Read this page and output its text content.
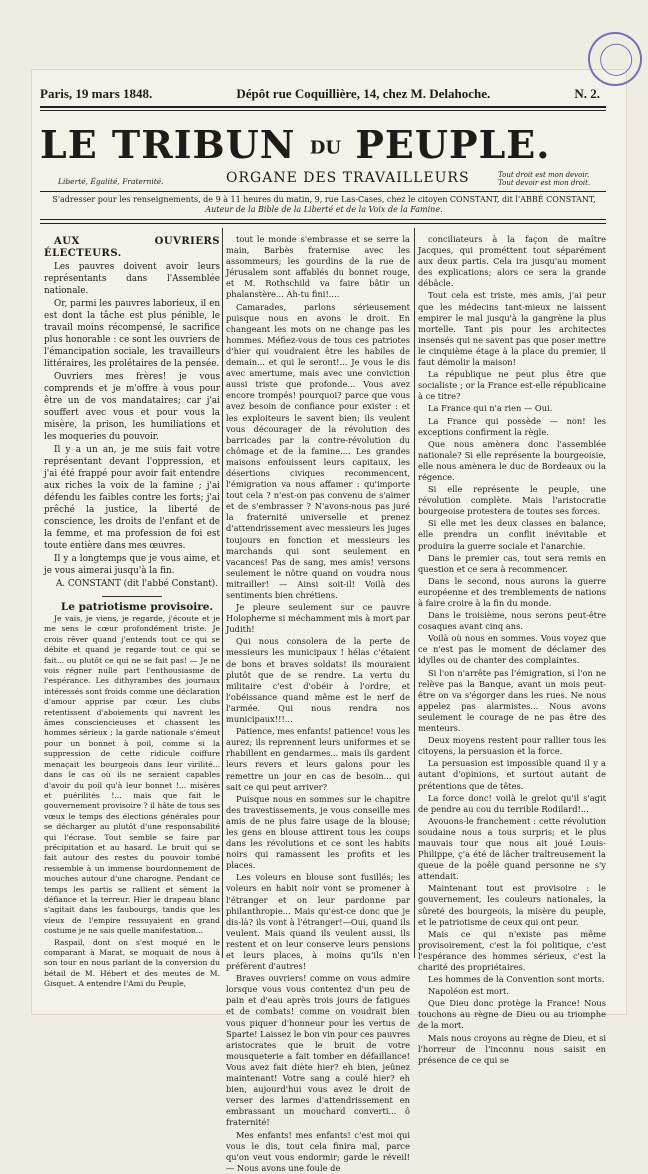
Paris, 19 mars 1848.	Dépôt rue Coquillière, 14, chez M. Delahoche.	N. 2.
LE TRIBUN DU PEUPLE.
Liberté, Égalité, Fraternité.	ORGANE DES TRAVAILLEURS	Tout droit est mon devoir.
Tout devoir est mon droit.
S'adresser pour les renseignements, de 9 à 11 heures du matin, 9, rue Las-Cases, chez le citoyen CONSTANT, dit l'ABBÉ CONSTANT,
Auteur de la Bible de la Liberté et de la Voix de la Famine.

AUX OUVRIERS ÉLECTEURS.

Les pauvres doivent avoir leurs représentants dans l'Assemblée nationale.

Or, parmi les pauvres laborieux, il en est dont la tâche est plus pénible, le travail moins récompensé, le sacrifice plus honorable : ce sont les ouvriers de l'émancipation sociale, les travailleurs littéraires, les prolétaires de la pensée.

Ouvriers mes frères! je vous comprends et je m'offre à vous pour être un de vos mandataires; car j'ai souffert avec vous et pour vous la misère, la prison, les humiliations et les moqueries du pouvoir.

Il y a un an, je me suis fait votre représentant devant l'oppression, et j'ai été frappé pour avoir fait entendre aux riches la voix de la famine ; j'ai défendu les faibles contre les forts; j'ai prêché la justice, la liberté de conscience, les droits de l'enfant et de la femme, et ma profession de foi est toute entière dans mes œuvres.

Il y a longtemps que je vous aime, et je vous aimerai jusqu'à la fin.

A. CONSTANT (dit l'abbé Constant).

Le patriotisme provisoire.

Je vais, je viens, je regarde, j'écoute et je me sens le cœur profondément triste. Je crois rêver quand j'entends tout ce qui se débite et quand je regarde tout ce qui se fait... ou plutôt ce qui ne se fait pas! — Je ne vois régner nulle part l'enthousiasme de l'espérance. Les dithyrambes des journaux intéressés sont froids comme une déclaration d'amour apprise par cœur. Les clubs retentissent d'aboiements qui navrent les âmes consciencieuses et chassent les hommes sérieux ; la garde nationale s'émeut pour un bonnet à poil, comme si la suppression de cette ridicule coiffure menaçait les bourgeois dans leur virilité... dans le cas où ils ne seraient capables d'avoir du poil qu'à leur bonnet !... misères et puérilités !... mais que fait le gouvernement provisoire ? il hâte de tous ses vœux le temps des élections générales pour se décharger au plutôt d'une responsabilité qui l'écrase. Tout semble se faire par précipitation et au hasard. Le bruit qui se fait autour des restes du pouvoir tombé ressemble à un immense bourdonnement de mouches autour d'une charogne. Pendant ce temps les partis se rallient et sèment la défiance et la terreur. Hier le drapeau blanc s'agitait dans les faubourgs, tandis que les vieux de l'empire ressuyaient en grand costume je ne sais quelle manifestation...

Raspail, dont on s'est moqué en le comparant à Marat, se moquait de nous à son tour en nous parlant de la conversion du bétail de M. Hébert et des meutes de M. Gisquet. A entendre l'Ami du Peuple,

tout le monde s'embrasse et se serre la main, Barbès fraternise avec les assommeurs; les gourdins de la rue de Jérusalem sont affablés du bonnet rouge, et M. Rothschild va faire bâtir un phalanstère... Ah-tu fini!....

Camarades, parlons sérieusement puisque nous en avons le droit. En changeant les mots on ne change pas les hommes. Méfiez-vous de tous ces patriotes d'hier qui voudraient être les habiles de demain... et qui le seront!... Je vous le dis avec amertume, mais avec une conviction aussi triste que profonde... Vous avez encore trompés! pourquoi? parce que vous avez besoin de confiance pour exister : et les exploiteurs le savent bien; ils veulent vous décourager de la révolution des barricades par la contre-révolution du chômage et de la famine.... Les grandes maisons enfouissent leurs capitaux, les désertions civiques recommencent, l'émigration va nous affamer : qu'importe tout cela ? n'est-on pas convenu de s'aimer et de s'embrasser ? N'avons-nous pas juré la fraternité universelle et prenez d'attendrissement avec messieurs les juges toujours en fonction et messieurs les marchands qui sont seulement en vacances! Pas de sang, mes amis! versons seulement le nôtre quand on voudra nous mitrailler! — Ainsi soit-il! Voilà des sentiments bien chrétiens.

Je pleure seulement sur ce pauvre Holopherne si méchamment mis à mort par Judith!

Qui nous consolera de la perte de messieurs les municipaux ! hélas c'étaient de bons et braves soldats! ils mouraient plutôt que de se rendre. La vertu du militaire c'est d'obéir à l'ordre, et l'obéissance quand même est le nerf de l'armée. Qui nous rendra nos municipaux!!!...

Patience, mes enfants! patience! vous les aurez; ils reprennent leurs uniformes et se rhabillent en gendarmes... mais ils gardent leurs revers et leurs galons pour les remettre un jour en cas de besoin... qui sait ce qui peut arriver?

Puisque nous en sommes sur le chapitre des travestissements, je vous conseille mes amis de ne plus faire usage de la blouse; les gens en blouse attirent tous les coups dans les révolutions et ce sont les habits noirs qui ramassent les profits et les places.

Les voleurs en blouse sont fusillés; les voleurs en habit noir vont se promener à l'étranger et on leur pardonne par philanthropie... Mais qu'est-ce donc que je dis-là? ils vont à l'étranger!—Oui, quand ils veulent. Mais quand ils veulent aussi, ils restent et on leur conserve leurs pensions et leurs places, à moins qu'ils n'en préfèrent d'autres!

Braves ouvriers! comme on vous admire lorsque vous vous contentez d'un peu de pain et d'eau après trois jours de fatigues et de combats! comme on voudrait bien vous piquer d'honneur pour les vertus de Sparte! Laissez le bon vin pour ces pauvres aristocrates que le bruit de votre mousqueterie a fait tomber en défaillance! Vous avez fait diète hier? eh bien, jeûnez maintenant! Votre sang a coulé hier? eh bien, aujourd'hui vous avez le droit de verser des larmes d'attendrissement en embrassant un mouchard converti... ô fraternité!

Mes enfants! mes enfants! c'est moi qui vous le dis, tout cela finira mal, parce qu'on veut vous endormir; garde le réveil! — Nous avons une foule de

conciliateurs à la façon de maître Jacques, qui prométtent tout séparément aux deux partis. Cela ira jusqu'au moment des explications; alors ce sera la grande débâcle.

Tout cela est triste, mes amis, j'ai peur que les médecins tant-mieux ne laissent empirer le mal jusqu'à la gangrène la plus mortelle. Tant pis pour les architectes insensés qui ne savent pas que poser mettre le cinquième étage à la place du premier, il faut démolir la maison!

La république ne peut plus être que socialiste ; or la France est-elle républicaine à ce titre?

La France qui n'a rien — Oui.

La France qui possède — non! les exceptions confirment la règle.

Que nous amènera donc l'assemblée nationale? Si elle représente la bourgeoisie, elle nous amènera le duc de Bordeaux ou la régence.

Si elle représente le peuple, une révolution complète. Mais l'aristocratie bourgeoise protestera de toutes ses forces.

Si elle met les deux classes en balance, elle prendra un conflit inévitable et produira la guerre sociale et l'anarchie.

Dans le premier cas, tout sera remis en question et ce sera à recommencer.

Dans le second, nous aurons la guerre européenne et des tremblements de nations à faire croire à la fin du monde.

Dans le troisième, nous serons peut-être cosaques avant cinq ans.

Voilà où nous en sommes. Vous voyez que ce n'est pas le moment de déclamer des idylles ou de chanter des complaintes.

Si l'on n'arrête pas l'émigration, si l'on ne relève pas la Banque, avant un mois peut-être on va s'égorger dans les rues. Ne nous appelez pas alarmistes... Nous avons seulement le courage de ne pas être des menteurs.

Deux moyens restent pour rallier tous les citoyens, la persuasion et la force.

La persuasion est impossible quand il y a autant d'opinions, et surtout autant de prétentions que de têtes.

La force donc! voilà le grelot qu'il s'agit de pendre au cou du terrible Rodilard!...

Avouons-le franchement : cette révolution soudaine nous a tous surpris; et le plus mauvais tour que nous ait joué Louis-Philippe, ç'a été de lâcher traîtreusement la queue de la poêle quand personne ne s'y attendait.

Maintenant tout est provisoire : le gouvernement, les couleurs nationales, la sûreté des bourgeois, la misère du peuple, et le patriotisme de ceux qui ont peur.

Mais ce qui n'existe pas même provisoirement, c'est la foi politique, c'est l'espérance des hommes sérieux, c'est la charité des propriétaires.

Les hommes de la Convention sont morts.

Napoléon est mort.

Que Dieu donc protège la France! Nous touchons au règne de Dieu ou au triomphe de la mort.

Mais nous croyons au règne de Dieu, et si l'horreur de l'inconnu nous saisit en présence de ce qui se
